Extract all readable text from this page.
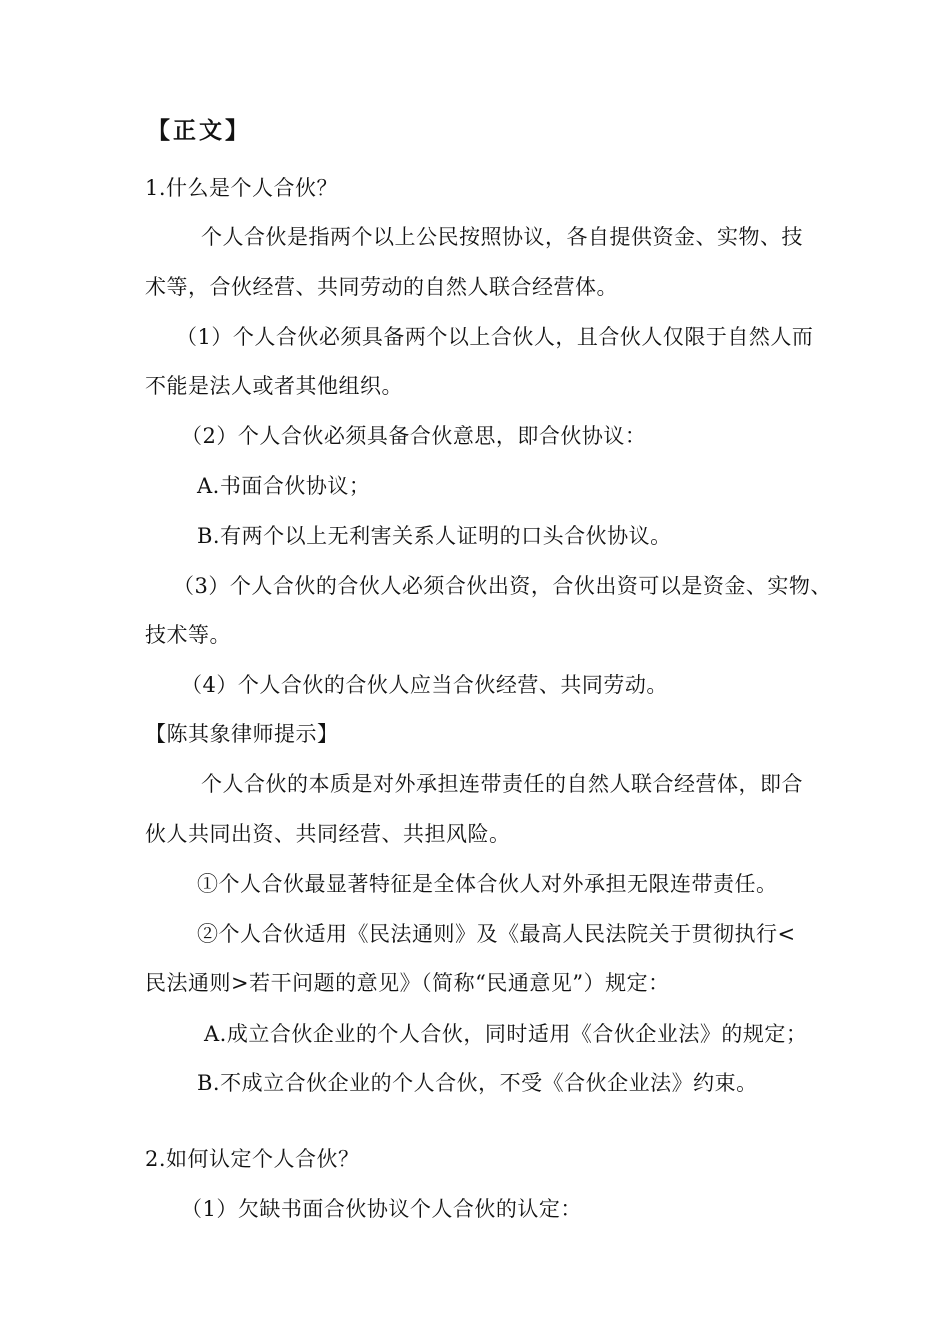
【正文】
1.什么是个人合伙？
个人合伙是指两个以上公民按照协议，各自提供资金、实物、技
术等，合伙经营、共同劳动的自然人联合经营体。
（1）个人合伙必须具备两个以上合伙人，且合伙人仅限于自然人而
不能是法人或者其他组织。
（2）个人合伙必须具备合伙意思，即合伙协议：
A.书面合伙协议；
B.有两个以上无利害关系人证明的口头合伙协议。
（3）个人合伙的合伙人必须合伙出资，合伙出资可以是资金、实物、
技术等。
（4）个人合伙的合伙人应当合伙经营、共同劳动。
【陈其象律师提示】
个人合伙的本质是对外承担连带责任的自然人联合经营体，即合
伙人共同出资、共同经营、共担风险。
①个人合伙最显著特征是全体合伙人对外承担无限连带责任。
②个人合伙适用《民法通则》及《最高人民法院关于贯彻执行<
民法通则>若干问题的意见》（简称“民通意见”）规定：
A.成立合伙企业的个人合伙，同时适用《合伙企业法》的规定；
B.不成立合伙企业的个人合伙，不受《合伙企业法》约束。
2.如何认定个人合伙？
（1）欠缺书面合伙协议个人合伙的认定：
